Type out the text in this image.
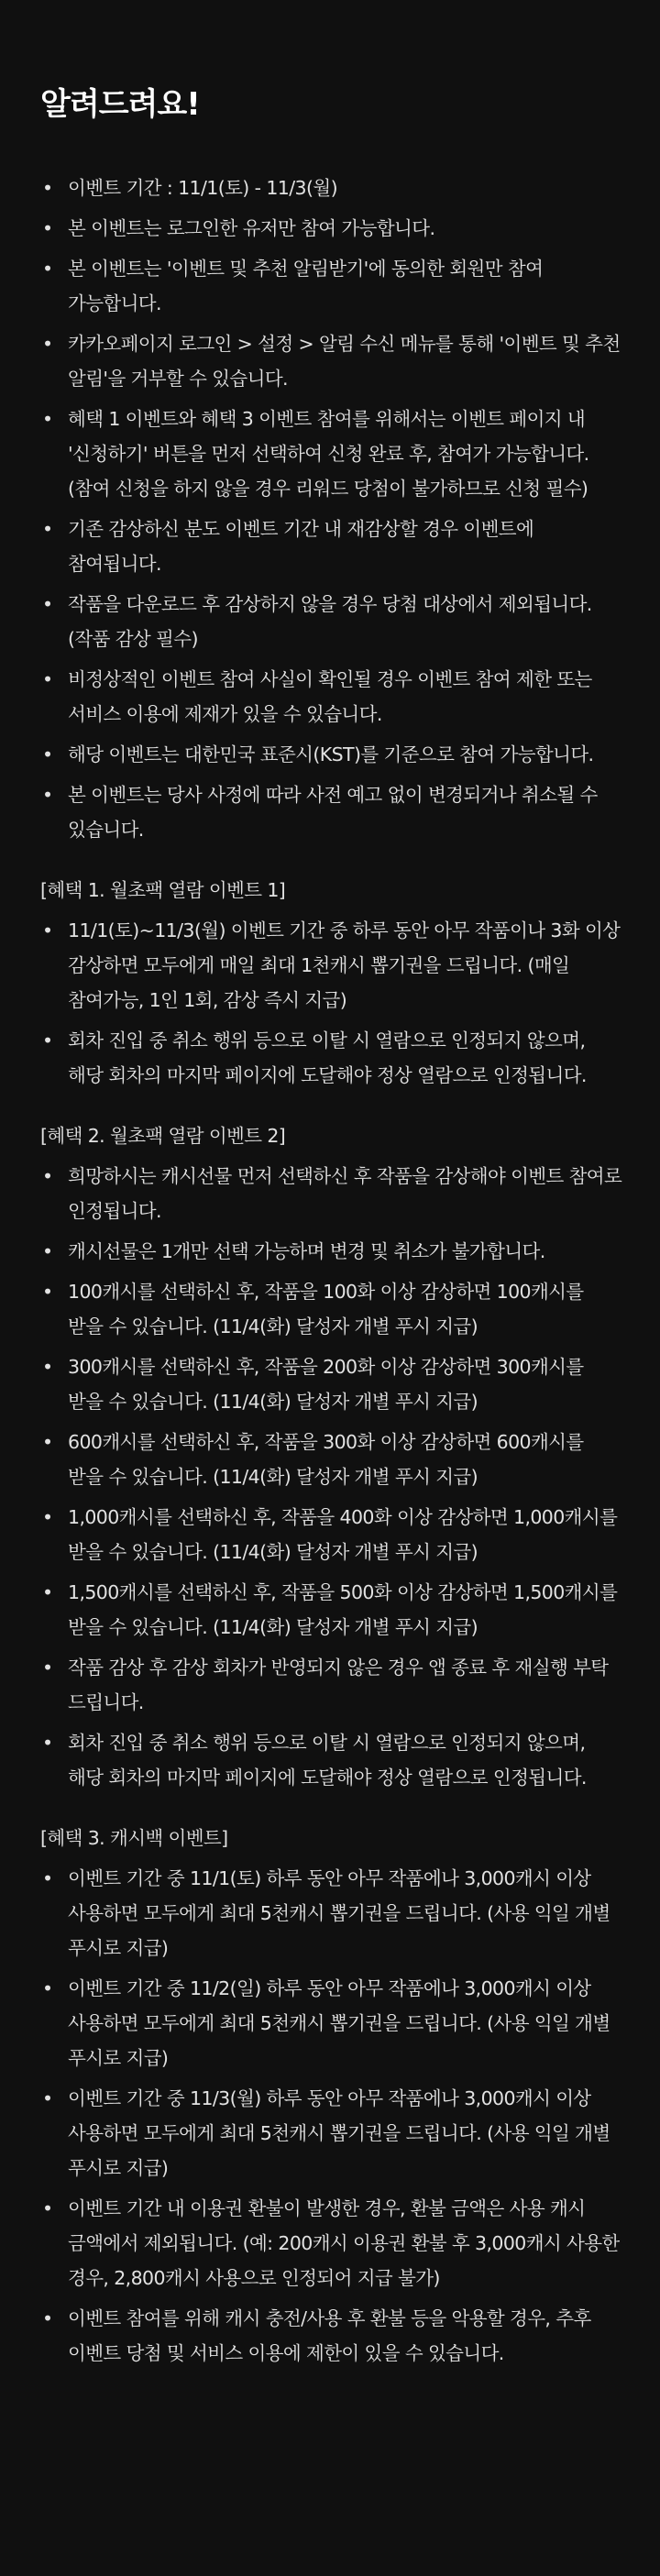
알려드려요!
• 이벤트 기간 : 11/1(토) - 11/3(월)
• 본 이벤트는 로그인한 유저만 참여 가능합니다.
• 본 이벤트는 '이벤트 및 추천 알림받기'에 동의한 회원만 참여 가능합니다.
• 카카오페이지 로그인 > 설정 > 알림 수신 메뉴를 통해 '이벤트 및 추천 알림'을 거부할 수 있습니다.
• 혜택 1 이벤트와 혜택 3 이벤트 참여를 위해서는 이벤트 페이지 내 '신청하기' 버튼을 먼저 선택하여 신청 완료 후, 참여가 가능합니다. (참여 신청을 하지 않을 경우 리워드 당첨이 불가하므로 신청 필수)
• 기존 감상하신 분도 이벤트 기간 내 재감상할 경우 이벤트에 참여됩니다.
• 작품을 다운로드 후 감상하지 않을 경우 당첨 대상에서 제외됩니다. (작품 감상 필수)
• 비정상적인 이벤트 참여 사실이 확인될 경우 이벤트 참여 제한 또는 서비스 이용에 제재가 있을 수 있습니다.
• 해당 이벤트는 대한민국 표준시(KST)를 기준으로 참여 가능합니다.
• 본 이벤트는 당사 사정에 따라 사전 예고 없이 변경되거나 취소될 수 있습니다.
[혜택 1. 월초팩 열람 이벤트 1]
• 11/1(토)~11/3(월) 이벤트 기간 중 하루 동안 아무 작품이나 3화 이상 감상하면 모두에게 매일 최대 1천캐시 뽑기권을 드립니다. (매일 참여가능, 1인 1회, 감상 즉시 지급)
• 회차 진입 중 취소 행위 등으로 이탈 시 열람으로 인정되지 않으며, 해당 회차의 마지막 페이지에 도달해야 정상 열람으로 인정됩니다.
[혜택 2. 월초팩 열람 이벤트 2]
• 희망하시는 캐시선물 먼저 선택하신 후 작품을 감상해야 이벤트 참여로 인정됩니다.
• 캐시선물은 1개만 선택 가능하며 변경 및 취소가 불가합니다.
• 100캐시를 선택하신 후, 작품을 100화 이상 감상하면 100캐시를 받을 수 있습니다. (11/4(화) 달성자 개별 푸시 지급)
• 300캐시를 선택하신 후, 작품을 200화 이상 감상하면 300캐시를 받을 수 있습니다. (11/4(화) 달성자 개별 푸시 지급)
• 600캐시를 선택하신 후, 작품을 300화 이상 감상하면 600캐시를 받을 수 있습니다. (11/4(화) 달성자 개별 푸시 지급)
• 1,000캐시를 선택하신 후, 작품을 400화 이상 감상하면 1,000캐시를 받을 수 있습니다. (11/4(화) 달성자 개별 푸시 지급)
• 1,500캐시를 선택하신 후, 작품을 500화 이상 감상하면 1,500캐시를 받을 수 있습니다. (11/4(화) 달성자 개별 푸시 지급)
• 작품 감상 후 감상 회차가 반영되지 않은 경우 앱 종료 후 재실행 부탁 드립니다.
• 회차 진입 중 취소 행위 등으로 이탈 시 열람으로 인정되지 않으며, 해당 회차의 마지막 페이지에 도달해야 정상 열람으로 인정됩니다.
[혜택 3. 캐시백 이벤트]
• 이벤트 기간 중 11/1(토) 하루 동안 아무 작품에나 3,000캐시 이상 사용하면 모두에게 최대 5천캐시 뽑기권을 드립니다. (사용 익일 개별 푸시로 지급)
• 이벤트 기간 중 11/2(일) 하루 동안 아무 작품에나 3,000캐시 이상 사용하면 모두에게 최대 5천캐시 뽑기권을 드립니다. (사용 익일 개별 푸시로 지급)
• 이벤트 기간 중 11/3(월) 하루 동안 아무 작품에나 3,000캐시 이상 사용하면 모두에게 최대 5천캐시 뽑기권을 드립니다. (사용 익일 개별 푸시로 지급)
• 이벤트 기간 내 이용권 환불이 발생한 경우, 환불 금액은 사용 캐시 금액에서 제외됩니다. (예: 200캐시 이용권 환불 후 3,000캐시 사용한 경우, 2,800캐시 사용으로 인정되어 지급 불가)
• 이벤트 참여를 위해 캐시 충전/사용 후 환불 등을 악용할 경우, 추후 이벤트 당첨 및 서비스 이용에 제한이 있을 수 있습니다.
